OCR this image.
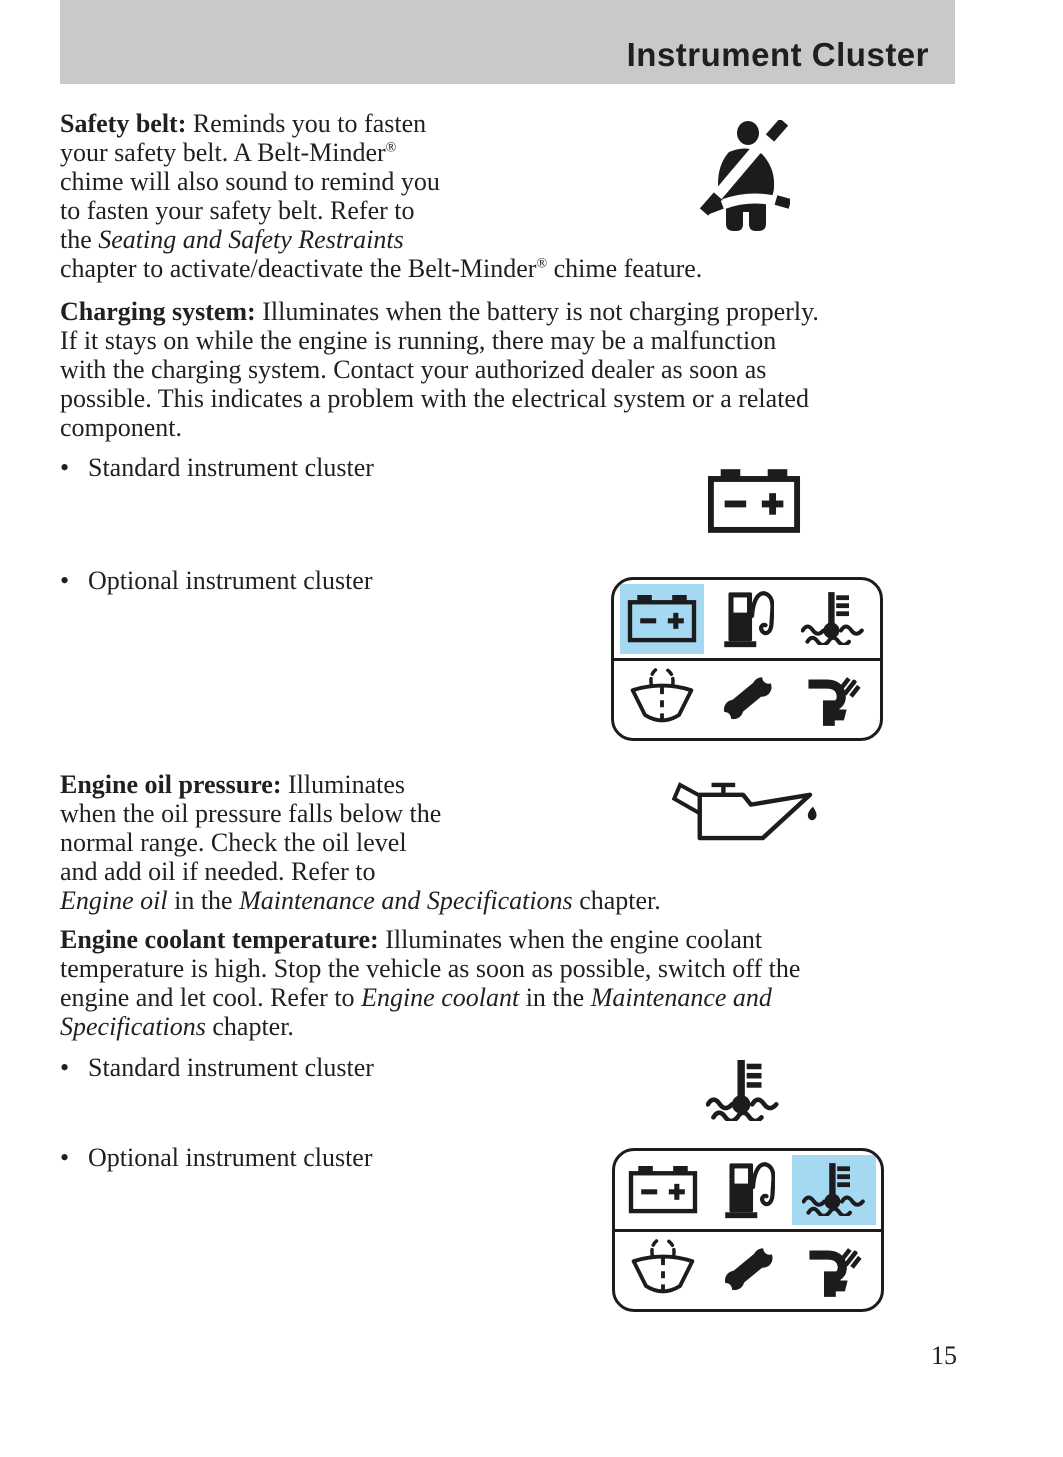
Instrument Cluster
Safety belt: Reminds you to fasten
your safety belt. A Belt-Minder®
chime will also sound to remind you
to fasten your safety belt. Refer to
the Seating and Safety Restraints
chapter to activate/deactivate the Belt-Minder® chime feature.
Charging system: Illuminates when the battery is not charging properly.
If it stays on while the engine is running, there may be a malfunction
with the charging system. Contact your authorized dealer as soon as
possible. This indicates a problem with the electrical system or a related
component.
• Standard instrument cluster
• Optional instrument cluster
Engine oil pressure: Illuminates
when the oil pressure falls below the
normal range. Check the oil level
and add oil if needed. Refer to
Engine oil in the Maintenance and Specifications chapter.
Engine coolant temperature: Illuminates when the engine coolant
temperature is high. Stop the vehicle as soon as possible, switch off the
engine and let cool. Refer to Engine coolant in the Maintenance and
Specifications chapter.
• Standard instrument cluster
• Optional instrument cluster
15
